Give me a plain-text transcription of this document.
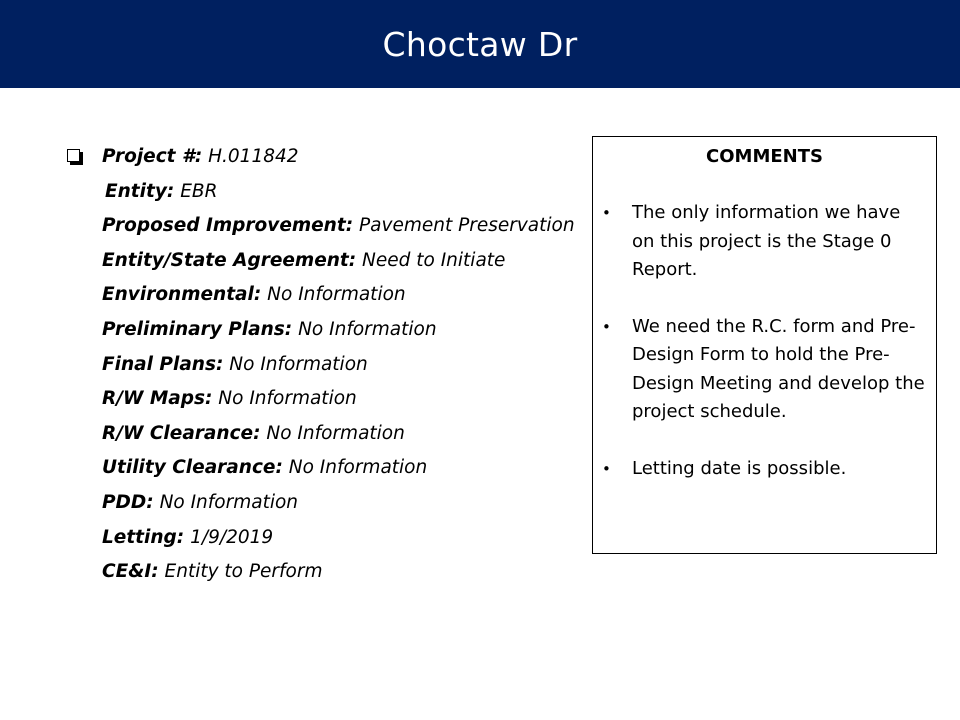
Choctaw Dr
Project #: H.011842
Entity: EBR
Proposed Improvement: Pavement Preservation
Entity/State Agreement: Need to Initiate
Environmental: No Information
Preliminary Plans: No Information
Final Plans: No Information
R/W Maps: No Information
R/W Clearance: No Information
Utility Clearance: No Information
PDD: No Information
Letting: 1/9/2019
CE&I: Entity to Perform
COMMENTS
• The only information we have on this project is the Stage 0 Report.
• We need the R.C. form and Pre-Design Form to hold the Pre-Design Meeting and develop the project schedule.
• Letting date is possible.
